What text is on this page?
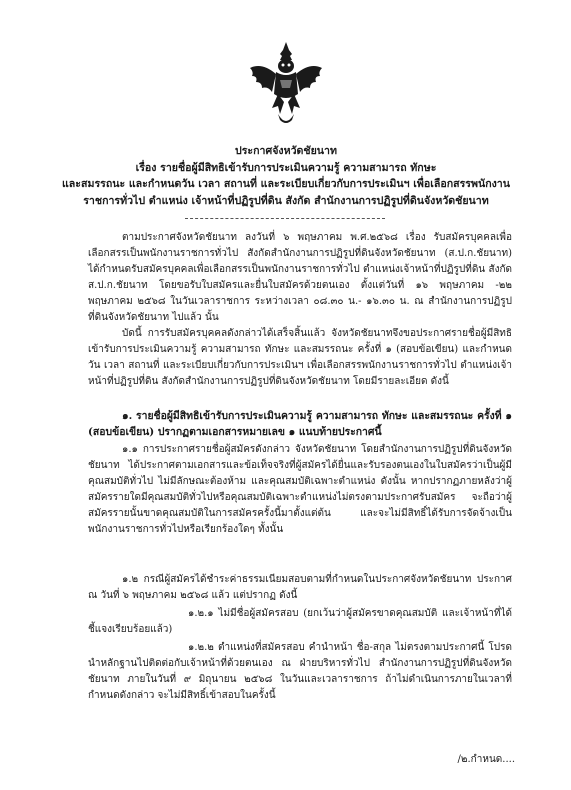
ประกาศจังหวัดชัยนาท
เรื่อง รายชื่อผู้มีสิทธิเข้ารับการประเมินความรู้ ความสามารถ ทักษะ
และสมรรถนะ และกำหนดวัน เวลา สถานที่ และระเบียบเกี่ยวกับการประเมินฯ เพื่อเลือกสรรพนักงาน
ราชการทั่วไป ตำแหน่ง เจ้าหน้าที่ปฏิรูปที่ดิน สังกัด สำนักงานการปฏิรูปที่ดินจังหวัดชัยนาท
ตามประกาศจังหวัดชัยนาท ลงวันที่ ๖ พฤษภาคม พ.ศ.๒๕๖๘ เรื่อง รับสมัครบุคคลเพื่อเลือกสรรเป็นพนักงานราชการทั่วไป สังกัดสำนักงานการปฏิรูปที่ดินจังหวัดชัยนาท (ส.ป.ก.ชัยนาท) ได้กำหนดรับสมัครบุคคลเพื่อเลือกสรรเป็นพนักงานราชการทั่วไป ตำแหน่งเจ้าหน้าที่ปฏิรูปที่ดิน สังกัด ส.ป.ก.ชัยนาท โดยขอรับใบสมัครและยื่นใบสมัครด้วยตนเอง ตั้งแต่วันที่ ๑๖ พฤษภาคม -๒๒ พฤษภาคม ๒๕๖๘ ในวันเวลาราชการ ระหว่างเวลา ๐๘.๓๐ น.- ๑๖.๓๐ น. ณ สำนักงานการปฏิรูปที่ดินจังหวัดชัยนาท ไปแล้ว นั้น
บัดนี้ การรับสมัครบุคคลดังกล่าวได้เสร็จสิ้นแล้ว จังหวัดชัยนาทจึงขอประกาศรายชื่อผู้มีสิทธิเข้ารับการประเมินความรู้ ความสามารถ ทักษะ และสมรรถนะ ครั้งที่ ๑ (สอบข้อเขียน) และกำหนดวัน เวลา สถานที่ และระเบียบเกี่ยวกับการประเมินฯ เพื่อเลือกสรรพนักงานราชการทั่วไป ตำแหน่งเจ้าหน้าที่ปฏิรูปที่ดิน สังกัดสำนักงานการปฏิรูปที่ดินจังหวัดชัยนาท โดยมีรายละเอียด ดังนี้
๑. รายชื่อผู้มีสิทธิเข้ารับการประเมินความรู้ ความสามารถ ทักษะ และสมรรถนะ ครั้งที่ ๑ (สอบข้อเขียน) ปรากฏตามเอกสารหมายเลข ๑ แนบท้ายประกาศนี้
๑.๑ การประกาศรายชื่อผู้สมัครดังกล่าว จังหวัดชัยนาท โดยสำนักงานการปฏิรูปที่ดินจังหวัดชัยนาท ได้ประกาศตามเอกสารและข้อเท็จจริงที่ผู้สมัครได้ยื่นและรับรองตนเองในใบสมัครว่าเป็นผู้มีคุณสมบัติทั่วไป ไม่มีลักษณะต้องห้าม และคุณสมบัติเฉพาะตำแหน่ง ดังนั้น หากปรากฏภายหลังว่าผู้สมัครรายใดมีคุณสมบัติทั่วไปหรือคุณสมบัติเฉพาะตำแหน่งไม่ตรงตามประกาศรับสมัคร จะถือว่าผู้สมัครรายนั้นขาดคุณสมบัติในการสมัครครั้งนี้มาตั้งแต่ต้น และจะไม่มีสิทธิ์ได้รับการจัดจ้างเป็นพนักงานราชการทั่วไปหรือเรียกร้องใดๆ ทั้งนั้น
๑.๒ กรณีผู้สมัครได้ชำระค่าธรรมเนียมสอบตามที่กำหนดในประกาศจังหวัดชัยนาท ประกาศ ณ วันที่ ๖ พฤษภาคม ๒๕๖๘ แล้ว แต่ปรากฏ ดังนี้
๑.๒.๑ ไม่มีชื่อผู้สมัครสอบ (ยกเว้นว่าผู้สมัครขาดคุณสมบัติ และเจ้าหน้าที่ได้ชี้แจงเรียบร้อยแล้ว)
๑.๒.๒ ตำแหน่งที่สมัครสอบ คำนำหน้า ชื่อ-สกุล ไม่ตรงตามประกาศนี้ โปรดนำหลักฐานไปติดต่อกับเจ้าหน้าที่ด้วยตนเอง ณ ฝ่ายบริหารทั่วไป สำนักงานการปฏิรูปที่ดินจังหวัดชัยนาท ภายในวันที่ ๙ มิถุนายน ๒๕๖๘ ในวันและเวลาราชการ ถ้าไม่ดำเนินการภายในเวลาที่กำหนดดังกล่าว จะไม่มีสิทธิ์เข้าสอบในครั้งนี้
/๒.กำหนด....
